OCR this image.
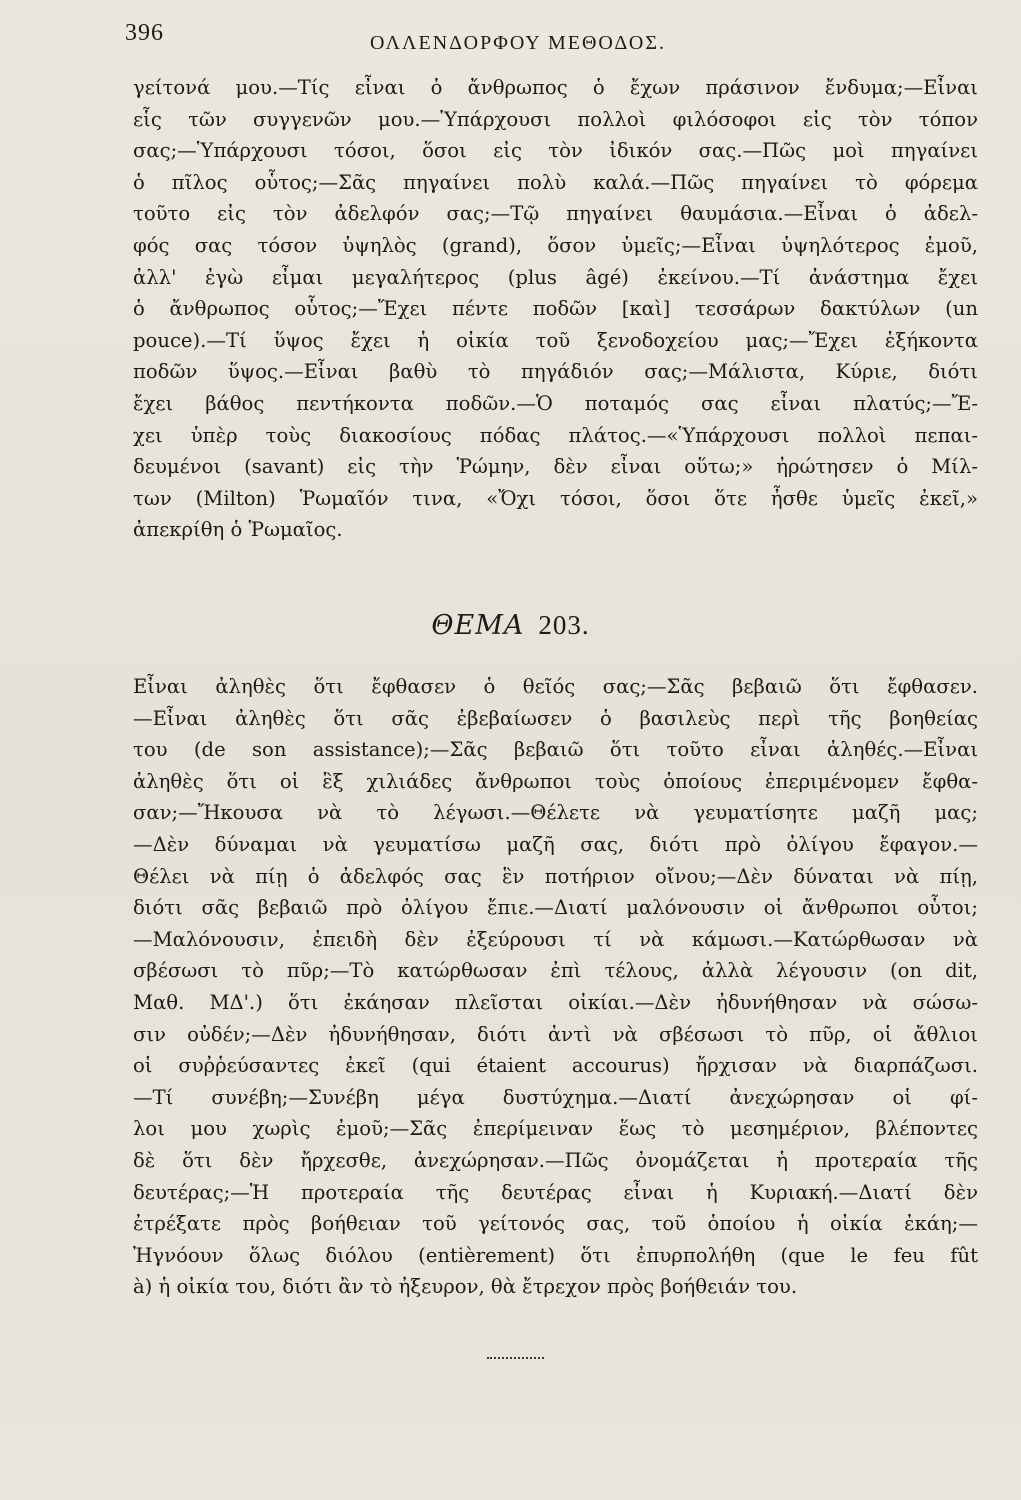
396	ΟΛΛΕΝΔΟΡΦΟΥ ΜΕΘΟΔΟΣ.
γείτονά μου.—Τίς εἶναι ὁ ἄνθρωπος ὁ ἔχων πράσινον ἔνδυμα;—Εἶναι
εἷς τῶν συγγενῶν μου.—Ὑπάρχουσι πολλοὶ φιλόσοφοι εἰς τὸν τόπον
σας;—Ὑπάρχουσι τόσοι, ὅσοι εἰς τὸν ἰδικόν σας.—Πῶς μοὶ πηγαίνει
ὁ πῖλος οὗτος;—Σᾶς πηγαίνει πολὺ καλά.—Πῶς πηγαίνει τὸ φόρεμα
τοῦτο εἰς τὸν ἀδελφόν σας;—Τῷ πηγαίνει θαυμάσια.—Εἶναι ὁ ἀδελ-
φός σας τόσον ὑψηλὸς (grand), ὅσον ὑμεῖς;—Εἶναι ὑψηλότερος ἐμοῦ,
ἀλλ' ἐγὼ εἶμαι μεγαλήτερος (plus âgé) ἐκείνου.—Τί ἀνάστημα ἔχει
ὁ ἄνθρωπος οὗτος;—Ἔχει πέντε ποδῶν [καὶ] τεσσάρων δακτύλων (un
pouce).—Τί ὕψος ἔχει ἡ οἰκία τοῦ ξενοδοχείου μας;—Ἔχει ἑξήκοντα
ποδῶν ὕψος.—Εἶναι βαθὺ τὸ πηγάδιόν σας;—Μάλιστα, Κύριε, διότι
ἔχει βάθος πεντήκοντα ποδῶν.—Ὁ ποταμός σας εἶναι πλατύς;—Ἔ-
χει ὑπὲρ τοὺς διακοσίους πόδας πλάτος.—«Ὑπάρχουσι πολλοὶ πεπαι-
δευμένοι (savant) εἰς τὴν Ῥώμην, δὲν εἶναι οὕτω;» ἠρώτησεν ὁ Μίλ-
των (Milton) Ῥωμαῖόν τινα, «Ὄχι τόσοι, ὅσοι ὅτε ἦσθε ὑμεῖς ἐκεῖ,»
ἀπεκρίθη ὁ Ῥωμαῖος.
ΘΕΜΑ 203.
Εἶναι ἀληθὲς ὅτι ἔφθασεν ὁ θεῖός σας;—Σᾶς βεβαιῶ ὅτι ἔφθασεν.
—Εἶναι ἀληθὲς ὅτι σᾶς ἐβεβαίωσεν ὁ βασιλεὺς περὶ τῆς βοηθείας
του (de son assistance);—Σᾶς βεβαιῶ ὅτι τοῦτο εἶναι ἀληθές.—Εἶναι
ἀληθὲς ὅτι οἱ ἓξ χιλιάδες ἄνθρωποι τοὺς ὁποίους ἐπεριμένομεν ἔφθα-
σαν;—Ἤκουσα νὰ τὸ λέγωσι.—Θέλετε νὰ γευματίσητε μαζῆ μας;
—Δὲν δύναμαι νὰ γευματίσω μαζῆ σας, διότι πρὸ ὀλίγου ἔφαγον.—
Θέλει νὰ πίῃ ὁ ἀδελφός σας ἓν ποτήριον οἴνου;—Δὲν δύναται νὰ πίῃ,
διότι σᾶς βεβαιῶ πρὸ ὀλίγου ἔπιε.—Διατί μαλόνουσιν οἱ ἄνθρωποι οὗτοι;
—Μαλόνουσιν, ἐπειδὴ δὲν ἐξεύρουσι τί νὰ κάμωσι.—Κατώρθωσαν νὰ
σβέσωσι τὸ πῦρ;—Τὸ κατώρθωσαν ἐπὶ τέλους, ἀλλὰ λέγουσιν (on dit,
Μαθ. ΜΔ'.) ὅτι ἐκάησαν πλεῖσται οἰκίαι.—Δὲν ἠδυνήθησαν νὰ σώσω-
σιν οὐδέν;—Δὲν ἠδυνήθησαν, διότι ἀντὶ νὰ σβέσωσι τὸ πῦρ, οἱ ἄθλιοι
οἱ συῤῥεύσαντες ἐκεῖ (qui étaient accourus) ἤρχισαν νὰ διαρπάζωσι.
—Τί συνέβη;—Συνέβη μέγα δυστύχημα.—Διατί ἀνεχώρησαν οἱ φί-
λοι μου χωρὶς ἐμοῦ;—Σᾶς ἐπερίμειναν ἕως τὸ μεσημέριον, βλέποντες
δὲ ὅτι δὲν ἤρχεσθε, ἀνεχώρησαν.—Πῶς ὀνομάζεται ἡ προτεραία τῆς
δευτέρας;—Ἡ προτεραία τῆς δευτέρας εἶναι ἡ Κυριακή.—Διατί δὲν
ἐτρέξατε πρὸς βοήθειαν τοῦ γείτονός σας, τοῦ ὁποίου ἡ οἰκία ἐκάη;—
Ἠγνόουν ὅλως διόλου (entièrement) ὅτι ἐπυρπολήθη (que le feu fût
à) ἡ οἰκία του, διότι ἂν τὸ ἠξευρον, θὰ ἔτρεχον πρὸς βοήθειάν του.
